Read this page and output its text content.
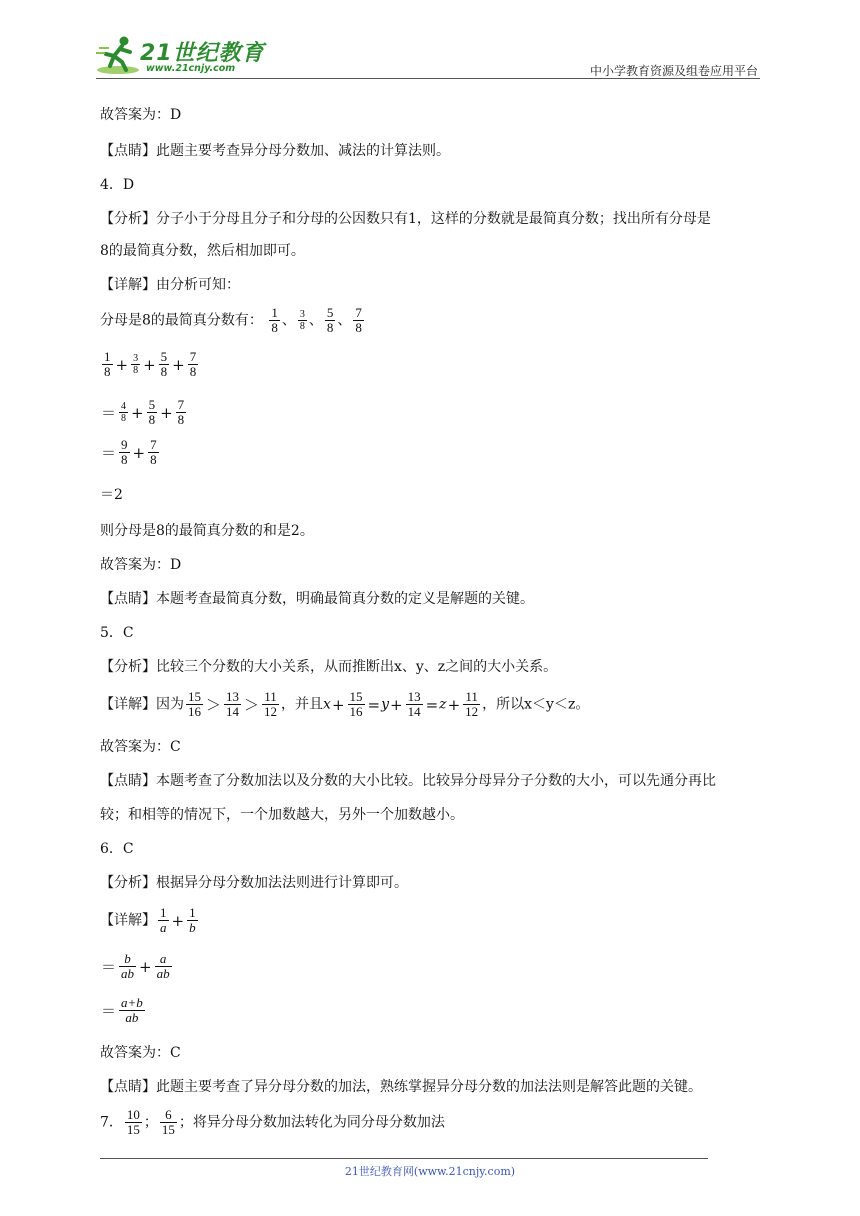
21世纪教育
www.21cnjy.com	中小学教育资源及组卷应用平台
故答案为：D
【点睛】此题主要考查异分母分数加、减法的计算法则。
4．D
【分析】分子小于分母且分子和分母的公因数只有1，这样的分数就是最简真分数；找出所有分母是
8的最简真分数，然后相加即可。
【详解】由分析可知：
分母是8的最简真分数有： $\frac{1}{8}$ 、 $\frac{3}{8}$ 、 $\frac{5}{8}$ 、 $\frac{7}{8}$
$\frac{1}{8} + \frac{3}{8} + \frac{5}{8} + \frac{7}{8}$
＝ $\frac{4}{8} + \frac{5}{8} + \frac{7}{8}$
＝ $\frac{9}{8} + \frac{7}{8}$
＝2
则分母是8的最简真分数的和是2。
故答案为：D
【点睛】本题考查最简真分数，明确最简真分数的定义是解题的关键。
5．C
【分析】比较三个分数的大小关系，从而推断出x、y、z之间的大小关系。
【详解】因为 $\frac{15}{16} > \frac{13}{14} > \frac{11}{12}$ ，并且$x+ \frac{15}{16} =y+ \frac{13}{14} =z+ \frac{11}{12}$ ，所以x＜y＜z。
故答案为：C
【点睛】本题考查了分数加法以及分数的大小比较。比较异分母异分子分数的大小，可以先通分再比
较；和相等的情况下，一个加数越大，另外一个加数越小。
6．C
【分析】根据异分母分数加法法则进行计算即可。
【详解】 $\frac{1}{a} + \frac{1}{b}$
＝ $\frac{b}{ab} + \frac{a}{ab}$
＝ $\frac{a+b}{ab}$
故答案为：C
【点睛】此题主要考查了异分母分数的加法，熟练掌握异分母分数的加法法则是解答此题的关键。
7． $\frac{10}{15}$ ； $\frac{6}{15}$ ；将异分母分数加法转化为同分母分数加法
21世纪教育网(www.21cnjy.com)
